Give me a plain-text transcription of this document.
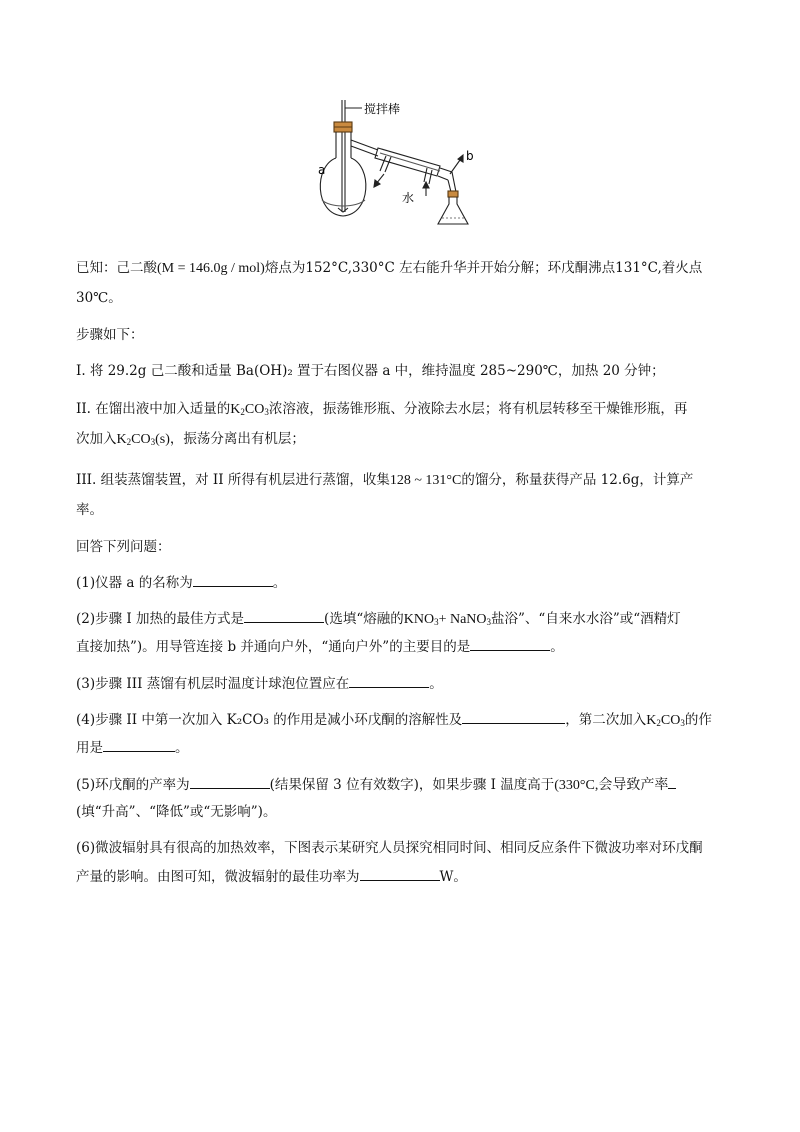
搅拌棒
a
b
水
已知：己二酸(M = 146.0g / mol)熔点为152°C,330°C 左右能升华并开始分解；环戊酮沸点131°C,着火点
30℃。
步骤如下：
I. 将 29.2g 己二酸和适量 Ba(OH)₂ 置于右图仪器 a 中，维持温度 285~290℃，加热 20 分钟；
II. 在馏出液中加入适量的$K_2CO_3$浓溶液，振荡锥形瓶、分液除去水层；将有机层转移至干燥锥形瓶，再
次加入$K_2CO_3(s)$，振荡分离出有机层；
III. 组装蒸馏装置，对 II 所得有机层进行蒸馏，收集128 ~ 131°C的馏分，称量获得产品 12.6g，计算产
率。
回答下列问题：
(1)仪器 a 的名称为	。
(2)步骤 I 加热的最佳方式是	(选填“熔融的$KNO_3+$ NaNO$_3$盐浴”、“自来水水浴”或“酒精灯
直接加热”)。用导管连接 b 并通向户外，“通向户外”的主要目的是	。
(3)步骤 III 蒸馏有机层时温度计球泡位置应在	。
(4)步骤 II 中第一次加入 K₂CO₃ 的作用是减小环戊酮的溶解性及	，第二次加入$K_2CO_3$的作
用是	。
(5)环戊酮的产率为	(结果保留 3 位有效数字)，如果步骤 I 温度高于(330°C,会导致产率
(填“升高”、“降低”或“无影响”)。
(6)微波辐射具有很高的加热效率，下图表示某研究人员探究相同时间、相同反应条件下微波功率对环戊酮
产量的影响。由图可知，微波辐射的最佳功率为	W。
